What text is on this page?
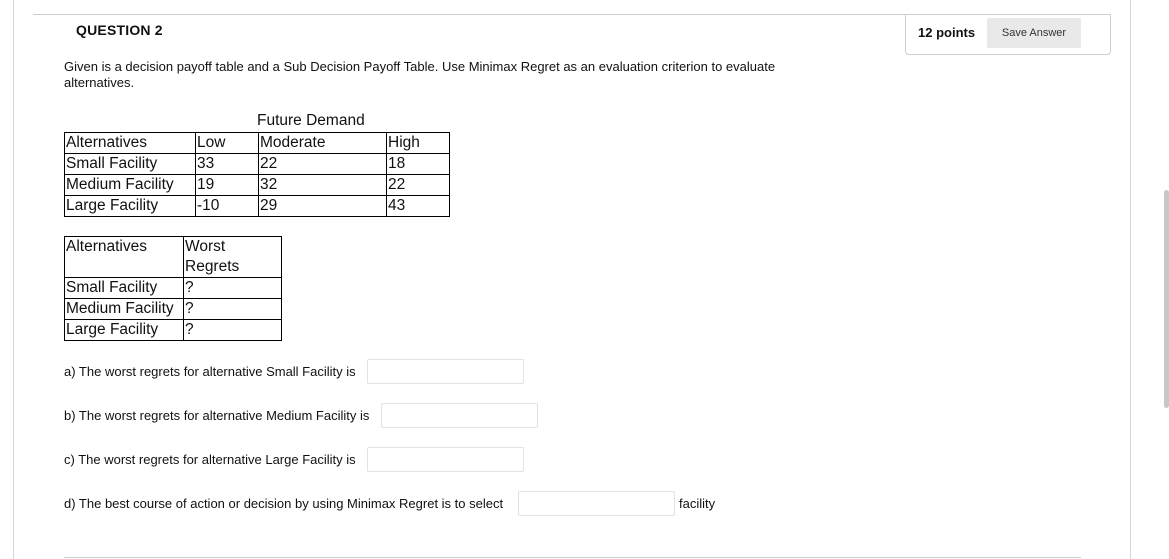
QUESTION 2	12 points	Save Answer
Given is a decision payoff table and a Sub Decision Payoff Table. Use Minimax Regret as an evaluation criterion to evaluate alternatives.
Future Demand
Alternatives	Low	Moderate	High
Small Facility	33	22	18
Medium Facility	19	32	22
Large Facility	-10	29	43
Alternatives	Worst Regrets
Small Facility	?
Medium Facility	?
Large Facility	?
a) The worst regrets for alternative Small Facility is
b) The worst regrets for alternative Medium Facility is
c) The worst regrets for alternative Large Facility is
d) The best course of action or decision by using Minimax Regret is to select	facility
